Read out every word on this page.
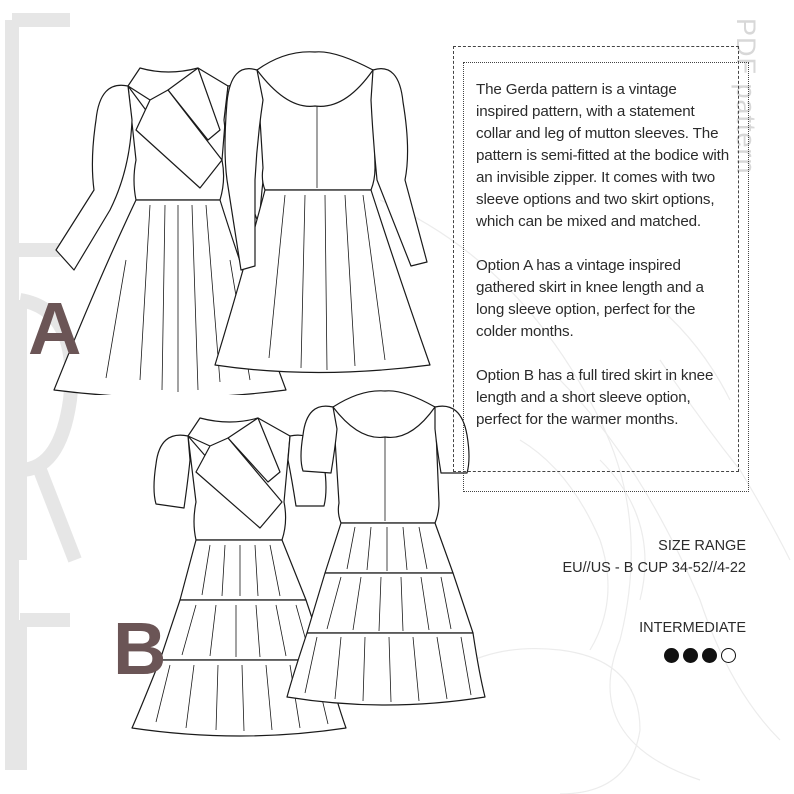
PDF pattern
A
B

The Gerda pattern is a vintage inspired pattern, with a statement collar and leg of mutton sleeves. The pattern is semi-fitted at the bodice with an invisible zipper. It comes with two sleeve options and two skirt options, which can be mixed and matched.

Option A has a vintage inspired gathered skirt in knee length and a long sleeve option, perfect for the colder months.

Option B has a full tired skirt in knee length and a short sleeve option, perfect for the warmer months.

SIZE RANGE
EU//US - B CUP 34-52//4-22
INTERMEDIATE
